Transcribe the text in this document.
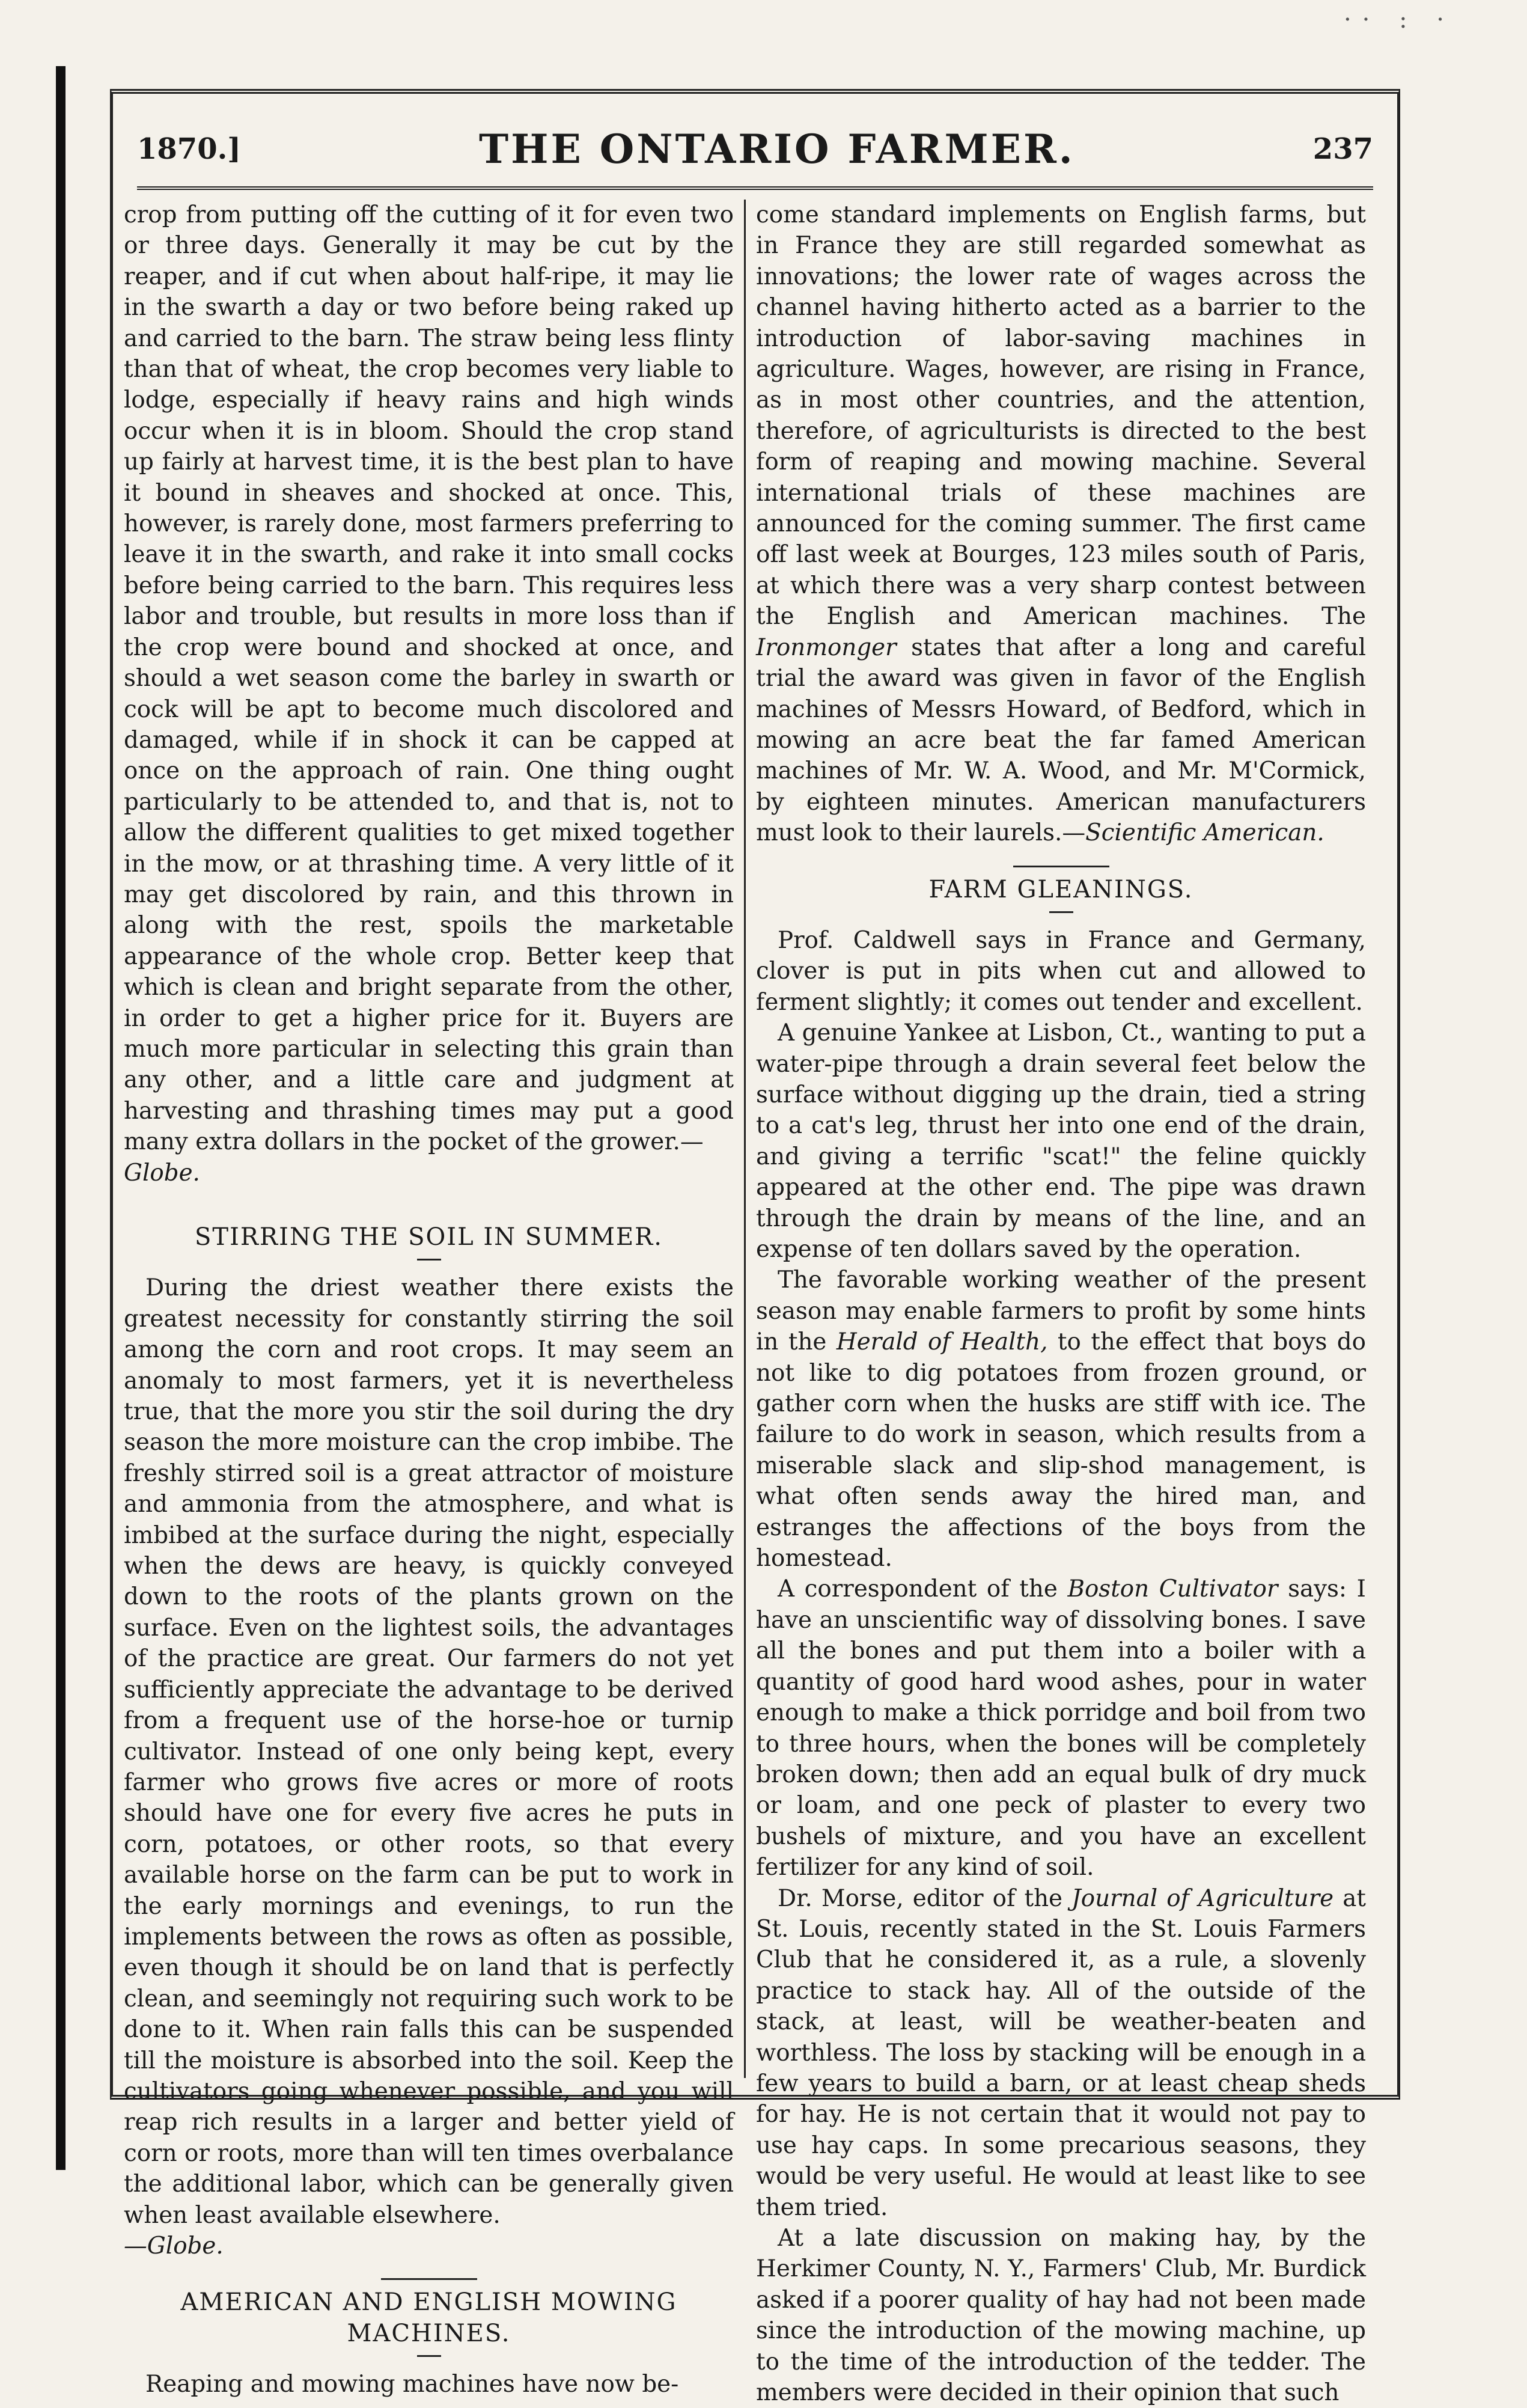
·· : ·
1870.]	THE ONTARIO FARMER.	237

crop from putting off the cutting of it for even two or three days. Generally it may be cut by the reaper, and if cut when about half-ripe, it may lie in the swarth a day or two before being raked up and carried to the barn. The straw being less flinty than that of wheat, the crop becomes very liable to lodge, especially if heavy rains and high winds occur when it is in bloom. Should the crop stand up fairly at harvest time, it is the best plan to have it bound in sheaves and shocked at once. This, however, is rarely done, most farmers preferring to leave it in the swarth, and rake it into small cocks before being carried to the barn. This requires less labor and trouble, but results in more loss than if the crop were bound and shocked at once, and should a wet season come the barley in swarth or cock will be apt to become much discolored and damaged, while if in shock it can be capped at once on the approach of rain. One thing ought particularly to be attended to, and that is, not to allow the different qualities to get mixed together in the mow, or at thrashing time. A very little of it may get discolored by rain, and this thrown in along with the rest, spoils the marketable appearance of the whole crop. Better keep that which is clean and bright separate from the other, in order to get a higher price for it. Buyers are much more particular in selecting this grain than any other, and a little care and judgment at harvesting and thrashing times may put a good many extra dollars in the pocket of the grower.—
Globe.

STIRRING THE SOIL IN SUMMER.

During the driest weather there exists the greatest necessity for constantly stirring the soil among the corn and root crops. It may seem an anomaly to most farmers, yet it is nevertheless true, that the more you stir the soil during the dry season the more moisture can the crop imbibe. The freshly stirred soil is a great attractor of moisture and ammonia from the atmosphere, and what is imbibed at the surface during the night, especially when the dews are heavy, is quickly conveyed down to the roots of the plants grown on the surface. Even on the lightest soils, the advantages of the practice are great. Our farmers do not yet sufficiently appreciate the advantage to be derived from a frequent use of the horse-hoe or turnip cultivator. Instead of one only being kept, every farmer who grows five acres or more of roots should have one for every five acres he puts in corn, potatoes, or other roots, so that every available horse on the farm can be put to work in the early mornings and evenings, to run the implements between the rows as often as possible, even though it should be on land that is perfectly clean, and seemingly not requiring such work to be done to it. When rain falls this can be suspended till the moisture is absorbed into the soil. Keep the cultivators going whenever possible, and you will reap rich results in a larger and better yield of corn or roots, more than will ten times overbalance the additional labor, which can be generally given when least available elsewhere.
—Globe.

AMERICAN AND ENGLISH MOWING MACHINES.

Reaping and mowing machines have now be-

come standard implements on English farms, but in France they are still regarded somewhat as innovations; the lower rate of wages across the channel having hitherto acted as a barrier to the introduction of labor-saving machines in agriculture. Wages, however, are rising in France, as in most other countries, and the attention, therefore, of agriculturists is directed to the best form of reaping and mowing machine. Several international trials of these machines are announced for the coming summer. The first came off last week at Bourges, 123 miles south of Paris, at which there was a very sharp contest between the English and American machines. The Ironmonger states that after a long and careful trial the award was given in favor of the English machines of Messrs Howard, of Bedford, which in mowing an acre beat the far famed American machines of Mr. W. A. Wood, and Mr. M'Cormick, by eighteen minutes. American manufacturers must look to their laurels.—Scientific American.

FARM GLEANINGS.

Prof. Caldwell says in France and Germany, clover is put in pits when cut and allowed to ferment slightly; it comes out tender and excellent.

A genuine Yankee at Lisbon, Ct., wanting to put a water-pipe through a drain several feet below the surface without digging up the drain, tied a string to a cat's leg, thrust her into one end of the drain, and giving a terrific "scat!" the feline quickly appeared at the other end. The pipe was drawn through the drain by means of the line, and an expense of ten dollars saved by the operation.

The favorable working weather of the present season may enable farmers to profit by some hints in the Herald of Health, to the effect that boys do not like to dig potatoes from frozen ground, or gather corn when the husks are stiff with ice. The failure to do work in season, which results from a miserable slack and slip-shod management, is what often sends away the hired man, and estranges the affections of the boys from the homestead.

A correspondent of the Boston Cultivator says: I have an unscientific way of dissolving bones. I save all the bones and put them into a boiler with a quantity of good hard wood ashes, pour in water enough to make a thick porridge and boil from two to three hours, when the bones will be completely broken down; then add an equal bulk of dry muck or loam, and one peck of plaster to every two bushels of mixture, and you have an excellent fertilizer for any kind of soil.

Dr. Morse, editor of the Journal of Agriculture at St. Louis, recently stated in the St. Louis Farmers Club that he considered it, as a rule, a slovenly practice to stack hay. All of the outside of the stack, at least, will be weather-beaten and worthless. The loss by stacking will be enough in a few years to build a barn, or at least cheap sheds for hay. He is not certain that it would not pay to use hay caps. In some precarious seasons, they would be very useful. He would at least like to see them tried.

At a late discussion on making hay, by the Herkimer County, N. Y., Farmers' Club, Mr. Burdick asked if a poorer quality of hay had not been made since the introduction of the mowing machine, up to the time of the introduction of the tedder. The members were decided in their opinion that such
